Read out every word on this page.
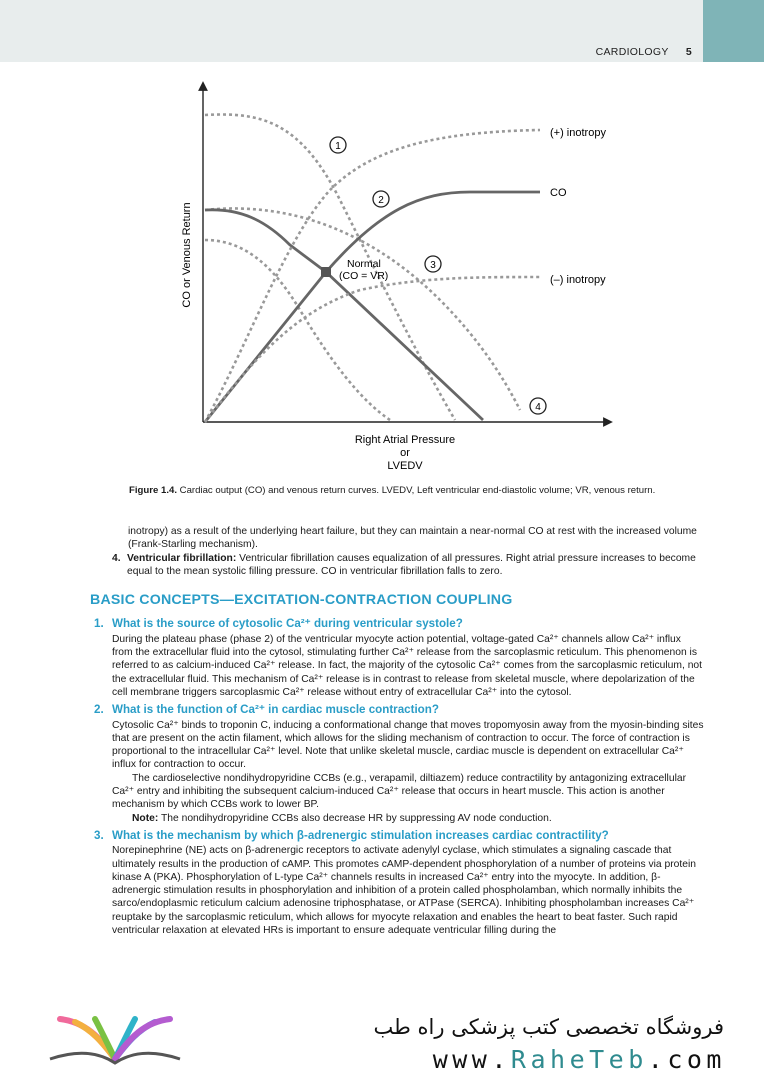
CARDIOLOGY 5
1
2
3
4
(+) inotropy
CO
(–) inotropy
Normal
(CO = VR)
CO or Venous Return
Right Atrial Pressure
or
LVEDV
Figure 1.4. Cardiac output (CO) and venous return curves. LVEDV, Left ventricular end-diastolic volume; VR, venous return.
inotropy) as a result of the underlying heart failure, but they can maintain a near-normal CO at rest with the increased volume (Frank-Starling mechanism).
4. Ventricular fibrillation: Ventricular fibrillation causes equalization of all pressures. Right atrial pressure increases to become equal to the mean systolic filling pressure. CO in ventricular fibrillation falls to zero.
BASIC CONCEPTS—EXCITATION-CONTRACTION COUPLING
1. What is the source of cytosolic Ca²⁺ during ventricular systole?

During the plateau phase (phase 2) of the ventricular myocyte action potential, voltage-gated Ca²⁺ channels allow Ca²⁺ influx from the extracellular fluid into the cytosol, stimulating further Ca²⁺ release from the sarcoplasmic reticulum. This phenomenon is referred to as calcium-induced Ca²⁺ release. In fact, the majority of the cytosolic Ca²⁺ comes from the sarcoplasmic reticulum, not the extracellular fluid. This mechanism of Ca²⁺ release is in contrast to release from skeletal muscle, where depolarization of the cell membrane triggers sarcoplasmic Ca²⁺ release without entry of extracellular Ca²⁺ into the cytosol.

2. What is the function of Ca²⁺ in cardiac muscle contraction?

Cytosolic Ca²⁺ binds to troponin C, inducing a conformational change that moves tropomyosin away from the myosin-binding sites that are present on the actin filament, which allows for the sliding mechanism of contraction to occur. The force of contraction is proportional to the intracellular Ca²⁺ level. Note that unlike skeletal muscle, cardiac muscle is dependent on extracellular Ca²⁺ influx for contraction to occur.

The cardioselective nondihydropyridine CCBs (e.g., verapamil, diltiazem) reduce contractility by antagonizing extracellular Ca²⁺ entry and inhibiting the subsequent calcium-induced Ca²⁺ release that occurs in heart muscle. This action is another mechanism by which CCBs work to lower BP.

Note: The nondihydropyridine CCBs also decrease HR by suppressing AV node conduction.

3. What is the mechanism by which β-adrenergic stimulation increases cardiac contractility?

Norepinephrine (NE) acts on β-adrenergic receptors to activate adenylyl cyclase, which stimulates a signaling cascade that ultimately results in the production of cAMP. This promotes cAMP-dependent phosphorylation of a number of proteins via protein kinase A (PKA). Phosphorylation of L-type Ca²⁺ channels results in increased Ca²⁺ entry into the myocyte. In addition, β-adrenergic stimulation results in phosphorylation and inhibition of a protein called phospholamban, which normally inhibits the sarco/endoplasmic reticulum calcium adenosine triphosphatase, or ATPase (SERCA). Inhibiting phospholamban increases Ca²⁺ reuptake by the sarcoplasmic reticulum, which allows for myocyte relaxation and enables the heart to beat faster. Such rapid ventricular relaxation at elevated HRs is important to ensure adequate ventricular filling during the

فروشگاه تخصصی کتب پزشکی راه طب
www.RaheTeb.com
